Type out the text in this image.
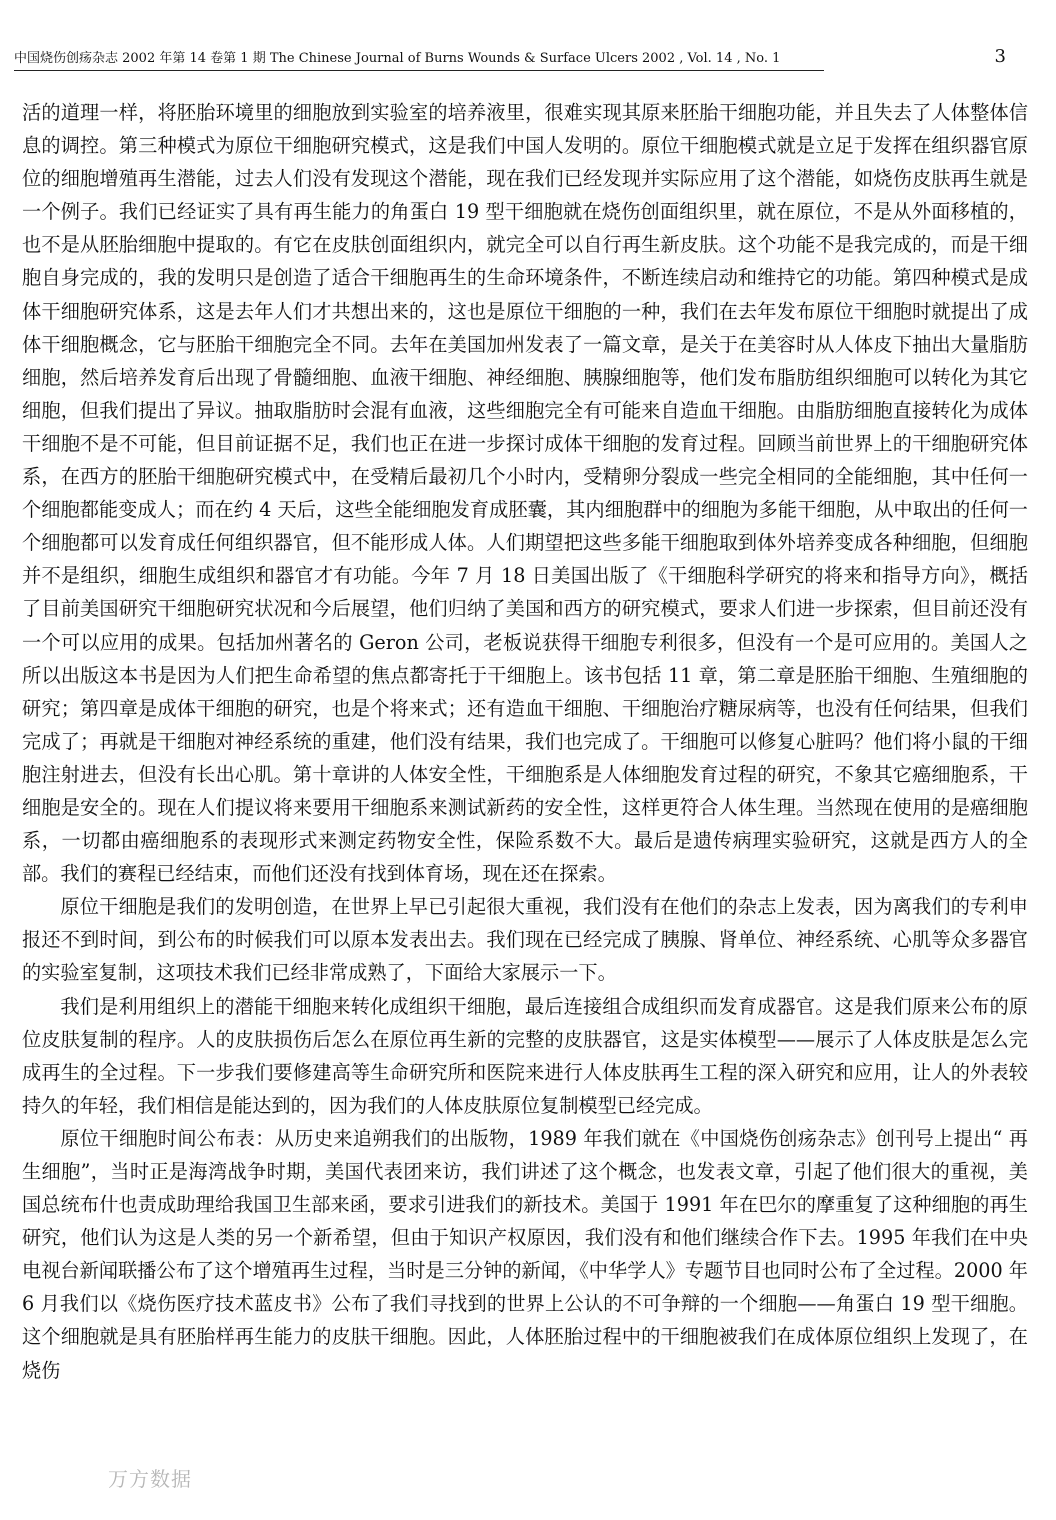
中国烧伤创疡杂志 2002 年第 14 卷第 1 期 The Chinese Journal of Burns Wounds & Surface Ulcers 2002 , Vol. 14 , No. 1	3

活的道理一样，将胚胎环境里的细胞放到实验室的培养液里，很难实现其原来胚胎干细胞功能，并且失去了人体整体信息的调控。第三种模式为原位干细胞研究模式，这是我们中国人发明的。原位干细胞模式就是立足于发挥在组织器官原位的细胞增殖再生潜能，过去人们没有发现这个潜能，现在我们已经发现并实际应用了这个潜能，如烧伤皮肤再生就是一个例子。我们已经证实了具有再生能力的角蛋白 19 型干细胞就在烧伤创面组织里，就在原位，不是从外面移植的，也不是从胚胎细胞中提取的。有它在皮肤创面组织内，就完全可以自行再生新皮肤。这个功能不是我完成的，而是干细胞自身完成的，我的发明只是创造了适合干细胞再生的生命环境条件，不断连续启动和维持它的功能。第四种模式是成体干细胞研究体系，这是去年人们才共想出来的，这也是原位干细胞的一种，我们在去年发布原位干细胞时就提出了成体干细胞概念，它与胚胎干细胞完全不同。去年在美国加州发表了一篇文章，是关于在美容时从人体皮下抽出大量脂肪细胞，然后培养发育后出现了骨髓细胞、血液干细胞、神经细胞、胰腺细胞等，他们发布脂肪组织细胞可以转化为其它细胞，但我们提出了异议。抽取脂肪时会混有血液，这些细胞完全有可能来自造血干细胞。由脂肪细胞直接转化为成体干细胞不是不可能，但目前证据不足，我们也正在进一步探讨成体干细胞的发育过程。回顾当前世界上的干细胞研究体系，在西方的胚胎干细胞研究模式中，在受精后最初几个小时内，受精卵分裂成一些完全相同的全能细胞，其中任何一个细胞都能变成人；而在约 4 天后，这些全能细胞发育成胚囊，其内细胞群中的细胞为多能干细胞，从中取出的任何一个细胞都可以发育成任何组织器官，但不能形成人体。人们期望把这些多能干细胞取到体外培养变成各种细胞，但细胞并不是组织，细胞生成组织和器官才有功能。今年 7 月 18 日美国出版了《干细胞科学研究的将来和指导方向》，概括了目前美国研究干细胞研究状况和今后展望，他们归纳了美国和西方的研究模式，要求人们进一步探索，但目前还没有一个可以应用的成果。包括加州著名的 Geron 公司，老板说获得干细胞专利很多，但没有一个是可应用的。美国人之所以出版这本书是因为人们把生命希望的焦点都寄托于干细胞上。该书包括 11 章，第二章是胚胎干细胞、生殖细胞的研究；第四章是成体干细胞的研究，也是个将来式；还有造血干细胞、干细胞治疗糖尿病等，也没有任何结果，但我们完成了；再就是干细胞对神经系统的重建，他们没有结果，我们也完成了。干细胞可以修复心脏吗？他们将小鼠的干细胞注射进去，但没有长出心肌。第十章讲的人体安全性，干细胞系是人体细胞发育过程的研究，不象其它癌细胞系，干细胞是安全的。现在人们提议将来要用干细胞系来测试新药的安全性，这样更符合人体生理。当然现在使用的是癌细胞系，一切都由癌细胞系的表现形式来测定药物安全性，保险系数不大。最后是遗传病理实验研究，这就是西方人的全部。我们的赛程已经结束，而他们还没有找到体育场，现在还在探索。

原位干细胞是我们的发明创造，在世界上早已引起很大重视，我们没有在他们的杂志上发表，因为离我们的专利申报还不到时间，到公布的时候我们可以原本发表出去。我们现在已经完成了胰腺、肾单位、神经系统、心肌等众多器官的实验室复制，这项技术我们已经非常成熟了，下面给大家展示一下。

我们是利用组织上的潜能干细胞来转化成组织干细胞，最后连接组合成组织而发育成器官。这是我们原来公布的原位皮肤复制的程序。人的皮肤损伤后怎么在原位再生新的完整的皮肤器官，这是实体模型——展示了人体皮肤是怎么完成再生的全过程。下一步我们要修建高等生命研究所和医院来进行人体皮肤再生工程的深入研究和应用，让人的外表较持久的年轻，我们相信是能达到的，因为我们的人体皮肤原位复制模型已经完成。

原位干细胞时间公布表：从历史来追朔我们的出版物，1989 年我们就在《中国烧伤创疡杂志》创刊号上提出“ 再生细胞”，当时正是海湾战争时期，美国代表团来访，我们讲述了这个概念，也发表文章，引起了他们很大的重视，美国总统布什也责成助理给我国卫生部来函，要求引进我们的新技术。美国于 1991 年在巴尔的摩重复了这种细胞的再生研究，他们认为这是人类的另一个新希望，但由于知识产权原因，我们没有和他们继续合作下去。1995 年我们在中央电视台新闻联播公布了这个增殖再生过程，当时是三分钟的新闻，《中华学人》专题节目也同时公布了全过程。2000 年 6 月我们以《烧伤医疗技术蓝皮书》公布了我们寻找到的世界上公认的不可争辩的一个细胞——角蛋白 19 型干细胞。这个细胞就是具有胚胎样再生能力的皮肤干细胞。因此，人体胚胎过程中的干细胞被我们在成体原位组织上发现了，在烧伤

万方数据
